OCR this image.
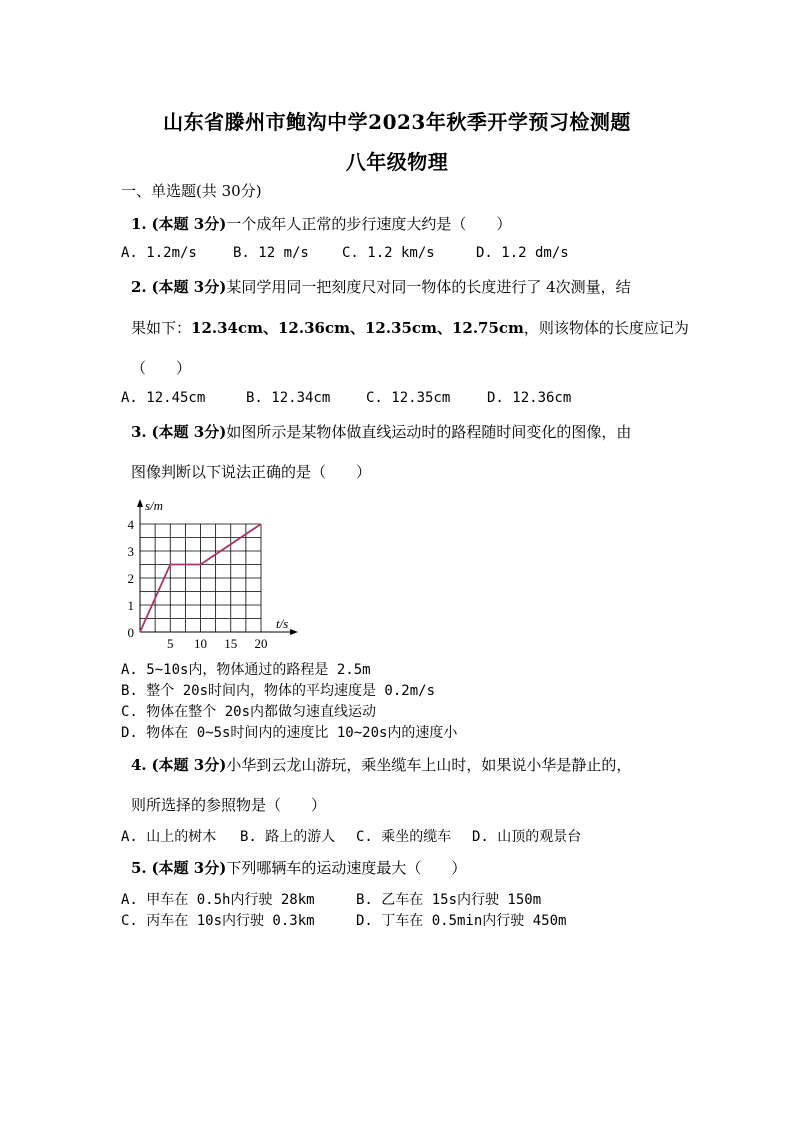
山东省滕州市鲍沟中学2023年秋季开学预习检测题
八年级物理
一、单选题(共 30分)
1. (本题 3分)一个成年人正常的步行速度大约是（　　）
A. 1.2m/s	B. 12 m/s C. 1.2 km/s	D. 1.2 dm/s
2. (本题 3分)某同学用同一把刻度尺对同一物体的长度进行了 4次测量，结
果如下：12.34cm、12.36cm、12.35cm、12.75cm，则该物体的长度应记为
（　　）
A. 12.45cm	B. 12.34cm	C. 12.35cm	D. 12.36cm
3. (本题 3分)如图所示是某物体做直线运动时的路程随时间变化的图像，由
图像判断以下说法正确的是（　　）
0
1
2
3
4
5 10 15 20
s/m
t/s
A. 5~10s内，物体通过的路程是 2.5m
B. 整个 20s时间内，物体的平均速度是 0.2m/s
C. 物体在整个 20s内都做匀速直线运动
D. 物体在 0~5s时间内的速度比 10~20s内的速度小
4. (本题 3分)小华到云龙山游玩，乘坐缆车上山时，如果说小华是静止的，
则所选择的参照物是（　　）
A. 山上的树木 B. 路上的游人 C. 乘坐的缆车 D. 山顶的观景台
5. (本题 3分)下列哪辆车的运动速度最大（　　）
A. 甲车在 0.5h内行驶 28km	B. 乙车在 15s内行驶 150m
C. 丙车在 10s内行驶 0.3km	D. 丁车在 0.5min内行驶 450m
